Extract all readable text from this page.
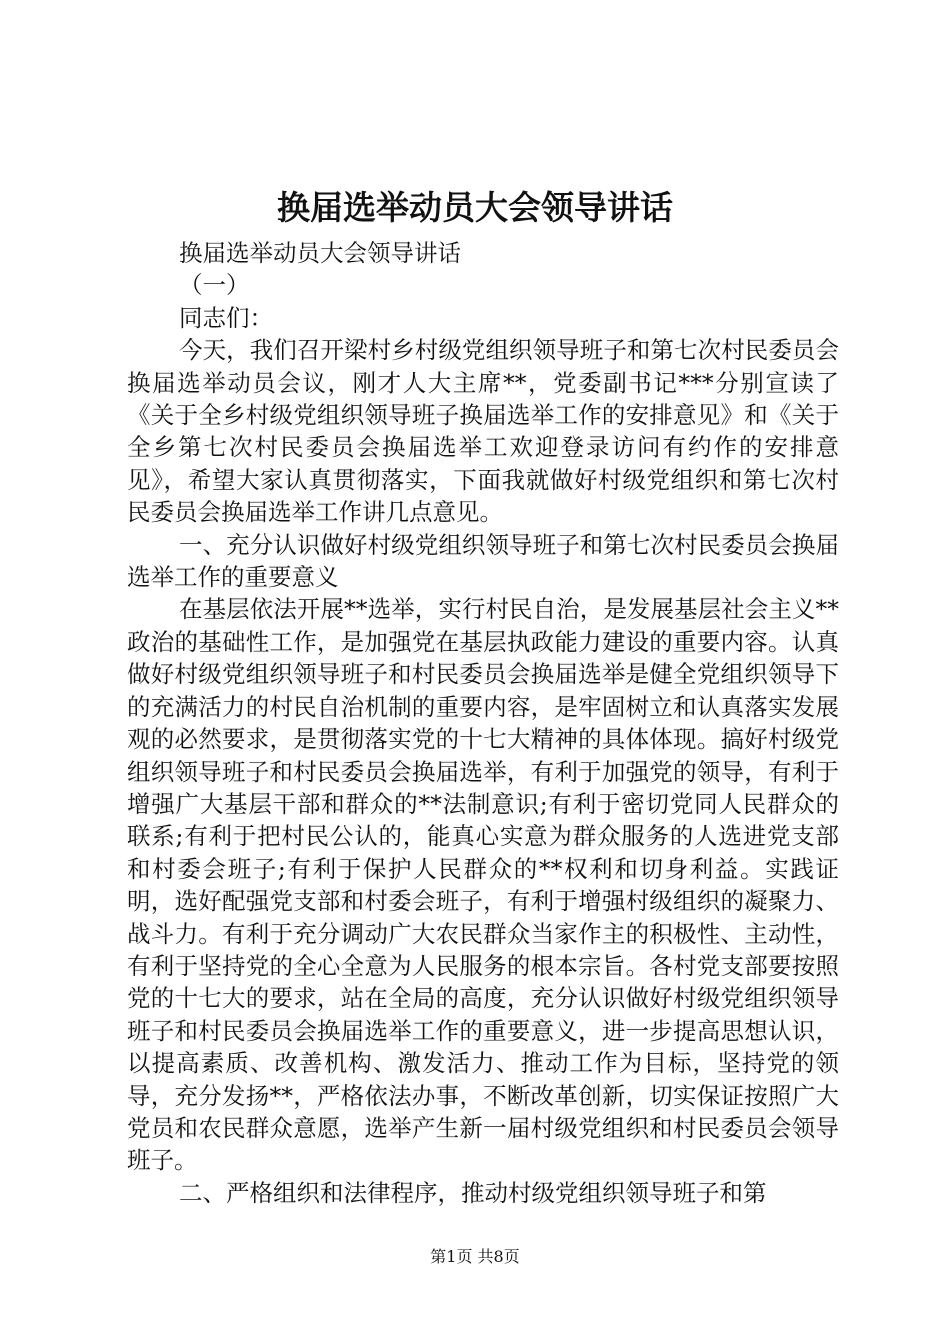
换届选举动员大会领导讲话

换届选举动员大会领导讲话

（一）

同志们：

今天，我们召开梁村乡村级党组织领导班子和第七次村民委员会换届选举动员会议，刚才人大主席**，党委副书记***分别宣读了《关于全乡村级党组织领导班子换届选举工作的安排意见》和《关于全乡第七次村民委员会换届选举工欢迎登录访问有约作的安排意见》，希望大家认真贯彻落实，下面我就做好村级党组织和第七次村民委员会换届选举工作讲几点意见。

一、充分认识做好村级党组织领导班子和第七次村民委员会换届选举工作的重要意义

在基层依法开展**选举，实行村民自治，是发展基层社会主义**政治的基础性工作，是加强党在基层执政能力建设的重要内容。认真做好村级党组织领导班子和村民委员会换届选举是健全党组织领导下的充满活力的村民自治机制的重要内容，是牢固树立和认真落实发展观的必然要求，是贯彻落实党的十七大精神的具体体现。搞好村级党组织领导班子和村民委员会换届选举，有利于加强党的领导，有利于增强广大基层干部和群众的**法制意识;有利于密切党同人民群众的联系;有利于把村民公认的，能真心实意为群众服务的人选进党支部和村委会班子;有利于保护人民群众的**权利和切身利益。实践证明，选好配强党支部和村委会班子，有利于增强村级组织的凝聚力、战斗力。有利于充分调动广大农民群众当家作主的积极性、主动性，有利于坚持党的全心全意为人民服务的根本宗旨。各村党支部要按照党的十七大的要求，站在全局的高度，充分认识做好村级党组织领导班子和村民委员会换届选举工作的重要意义，进一步提高思想认识，以提高素质、改善机构、激发活力、推动工作为目标，坚持党的领导，充分发扬**，严格依法办事，不断改革创新，切实保证按照广大党员和农民群众意愿，选举产生新一届村级党组织和村民委员会领导班子。

二、严格组织和法律程序，推动村级党组织领导班子和第

第1页 共8页
